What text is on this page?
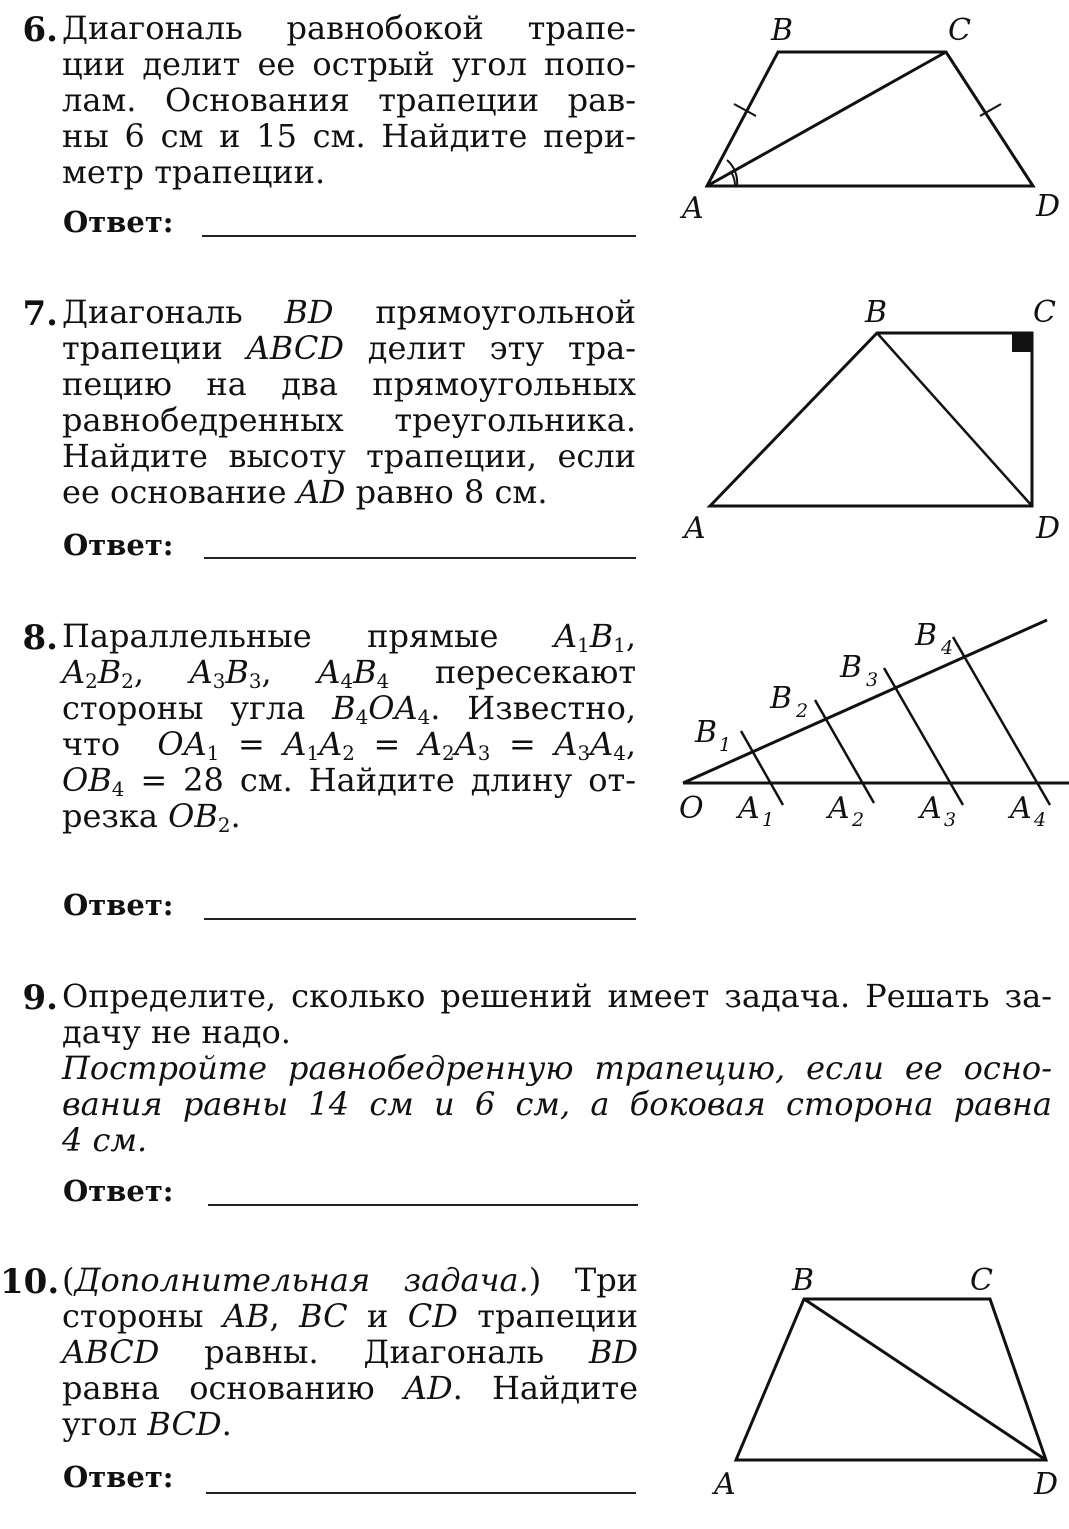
6. Диагональ равнобокой трапе-
ции делит ее острый угол попо-
лам. Основания трапеции рав-
ны 6 см и 15 см. Найдите пери-
метр трапеции.
Ответ:	A
B	C
D
7. Диагональ BD прямоугольной
трапеции ABCD делит эту тра-
пецию на два прямоугольных
равнобедренных треугольника.
Найдите высоту трапеции, если
ее основание AD равно 8 см.
Ответ:	A
B	C
D
8. Параллельные прямые $A_1B_1$,
$A_2B_2$, $A_3B_3$, $A_4B_4$ пересекают
стороны угла $B_4OA_4$. Известно,
что  $OA_1 = A_1A_2 = A_2A_3 = A_3A_4$,
$OB_4 = 28$ см. Найдите длину от-
резка $OB_2$.
Ответ:
O A 1 A 2 A 3 A 4
B 1
B 2
B 3
B 4
9. Определите, сколько решений имеет задача. Решать за-
дачу не надо.
Постройте равнобедренную трапецию, если ее осно-
вания равны 14 см и 6 см, а боковая сторона равна
4 см.
Ответ:
10. (Дополнительная задача.) Три
стороны AB, BC и CD трапеции
ABCD равны. Диагональ BD
равна основанию AD. Найдите
угол BCD.
Ответ:	A
B	C
D
